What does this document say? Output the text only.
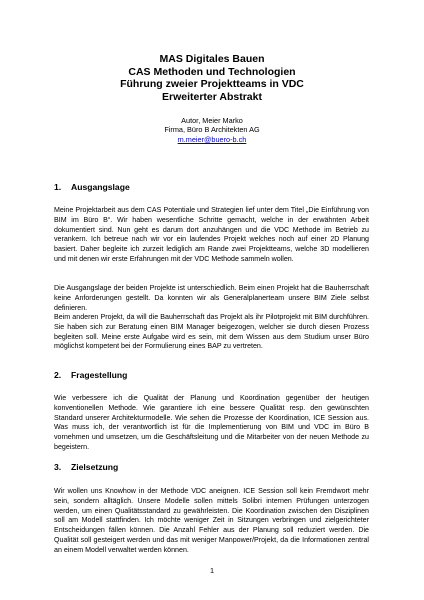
MAS Digitales Bauen
CAS Methoden und Technologien
Führung zweier Projektteams in VDC
Erweiterter Abstrakt
Autor, Meier Marko
Firma, Büro B Architekten AG
m.meier@buero-b.ch
1. Ausgangslage

Meine Projektarbeit aus dem CAS Potentiale und Strategien lief unter dem Titel „Die Einführung von BIM im Büro B“. Wir haben wesentliche Schritte gemacht, welche in der erwähnten Arbeit dokumentiert sind. Nun geht es darum dort anzuhängen und die VDC Methode im Betrieb zu verankern. Ich betreue nach wir vor ein laufendes Projekt welches noch auf einer 2D Planung basiert. Daher begleite ich zurzeit lediglich am Rande zwei Projektteams, welche 3D modellieren und mit denen wir erste Erfahrungen mit der VDC Methode sammeln wollen.

Die Ausgangslage der beiden Projekte ist unterschiedlich. Beim einen Projekt hat die Bauherrschaft keine Anforderungen gestellt. Da konnten wir als Generalplanerteam unsere BIM Ziele selbst definieren.

Beim anderen Projekt, da will die Bauherrschaft das Projekt als ihr Pilotprojekt mit BIM durchführen. Sie haben sich zur Beratung einen BIM Manager beigezogen, welcher sie durch diesen Prozess begleiten soll. Meine erste Aufgabe wird es sein, mit dem Wissen aus dem Studium unser Büro möglichst kompetent bei der Formulierung eines BAP zu vertreten.

2. Fragestellung

Wie verbessere ich die Qualität der Planung und Koordination gegenüber der heutigen konventionellen Methode. Wie garantiere ich eine bessere Qualität resp. den gewünschten Standard unserer Architekturmodelle. Wie sehen die Prozesse der Koordination, ICE Session aus. Was muss ich, der verantwortlich ist für die Implementierung von BIM und VDC im Büro B vornehmen und umsetzen, um die Geschäftsleitung und die Mitarbeiter von der neuen Methode zu begeistern.

3. Zielsetzung

Wir wollen uns Knowhow in der Methode VDC aneignen. ICE Session soll kein Fremdwort mehr sein, sondern alltäglich. Unsere Modelle sollen mittels Solibri internen Prüfungen unterzogen werden, um einen Qualitätsstandard zu gewährleisten. Die Koordination zwischen den Disziplinen soll am Modell stattfinden. Ich möchte weniger Zeit in Sitzungen verbringen und zielgerichteter Entscheidungen fällen können. Die Anzahl Fehler aus der Planung soll reduziert werden. Die Qualität soll gesteigert werden und das mit weniger Manpower/Projekt, da die Informationen zentral an einem Modell verwaltet werden können.

1
